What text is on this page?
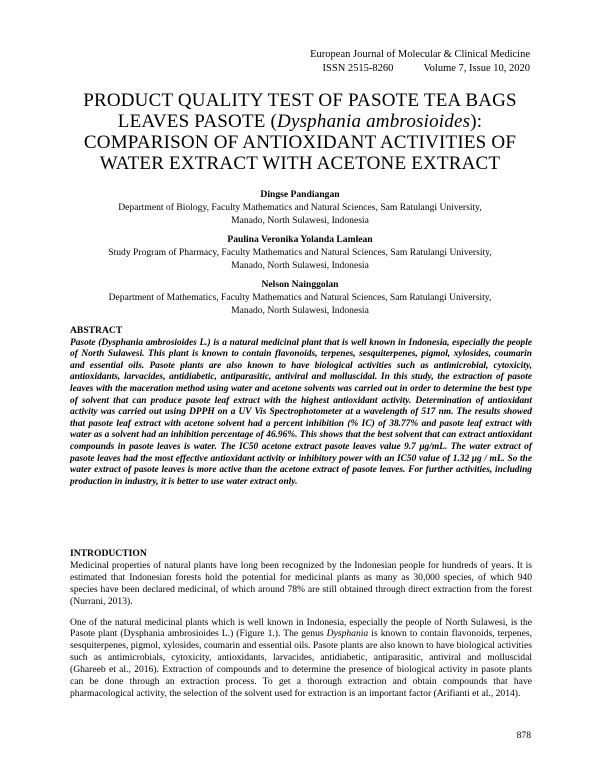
European Journal of Molecular & Clinical Medicine
ISSN 2515-8260	Volume 7, Issue 10, 2020
PRODUCT QUALITY TEST OF PASOTE TEA BAGS LEAVES PASOTE (Dysphania ambrosioides): COMPARISON OF ANTIOXIDANT ACTIVITIES OF WATER EXTRACT WITH ACETONE EXTRACT
Dingse Pandiangan
Department of Biology, Faculty Mathematics and Natural Sciences, Sam Ratulangi University,
Manado, North Sulawesi, Indonesia
Paulina Veronika Yolanda Lamlean
Study Program of Pharmacy, Faculty Mathematics and Natural Sciences, Sam Ratulangi University,
Manado, North Sulawesi, Indonesia
Nelson Nainggolan
Department of Mathematics, Faculty Mathematics and Natural Sciences, Sam Ratulangi University,
Manado, North Sulawesi, Indonesia
ABSTRACT

Pasote (Dysphania ambrosioides L.) is a natural medicinal plant that is well known in Indonesia, especially the people of North Sulawesi. This plant is known to contain flavonoids, terpenes, sesquiterpenes, pigmol, xylosides, coumarin and essential oils. Pasote plants are also known to have biological activities such as antimicrobial, cytoxicity, antioxidants, larvacides, antidiabetic, antiparasitic, antiviral and molluscidal. In this study, the extraction of pasote leaves with the maceration method using water and acetone solvents was carried out in order to determine the best type of solvent that can produce pasote leaf extract with the highest antioxidant activity. Determination of antioxidant activity was carried out using DPPH on a UV Vis Spectrophotometer at a wavelength of 517 nm. The results showed that pasote leaf extract with acetone solvent had a percent inhibition (% IC) of 38.77% and pasote leaf extract with water as a solvent had an inhibition percentage of 46.96%. This shows that the best solvent that can extract antioxidant compounds in pasote leaves is water. The IC50 acetone extract pasote leaves value 9.7 μg/mL. The water extract of pasote leaves had the most effective antioxidant activity or inhibitory power with an IC50 value of 1.32 μg / mL. So the water extract of pasote leaves is more active than the acetone extract of pasote leaves. For further activities, including production in industry, it is better to use water extract only.

INTRODUCTION

Medicinal properties of natural plants have long been recognized by the Indonesian people for hundreds of years. It is estimated that Indonesian forests hold the potential for medicinal plants as many as 30,000 species, of which 940 species have been declared medicinal, of which around 78% are still obtained through direct extraction from the forest (Nurrani, 2013).

One of the natural medicinal plants which is well known in Indonesia, especially the people of North Sulawesi, is the Pasote plant (Dysphania ambrosioides L.) (Figure 1.). The genus Dysphania is known to contain flavonoids, terpenes, sesquiterpenes, pigmol, xylosides, coumarin and essential oils. Pasote plants are also known to have biological activities such as antimicrobials, cytoxicity, antioxidants, larvacides, antidiabetic, antiparasitic, antiviral and molluscidal (Ghareeb et al., 2016). Extraction of compounds and to determine the presence of biological activity in pasote plants can be done through an extraction process. To get a thorough extraction and obtain compounds that have pharmacological activity, the selection of the solvent used for extraction is an important factor (Arifianti et al., 2014).

878
